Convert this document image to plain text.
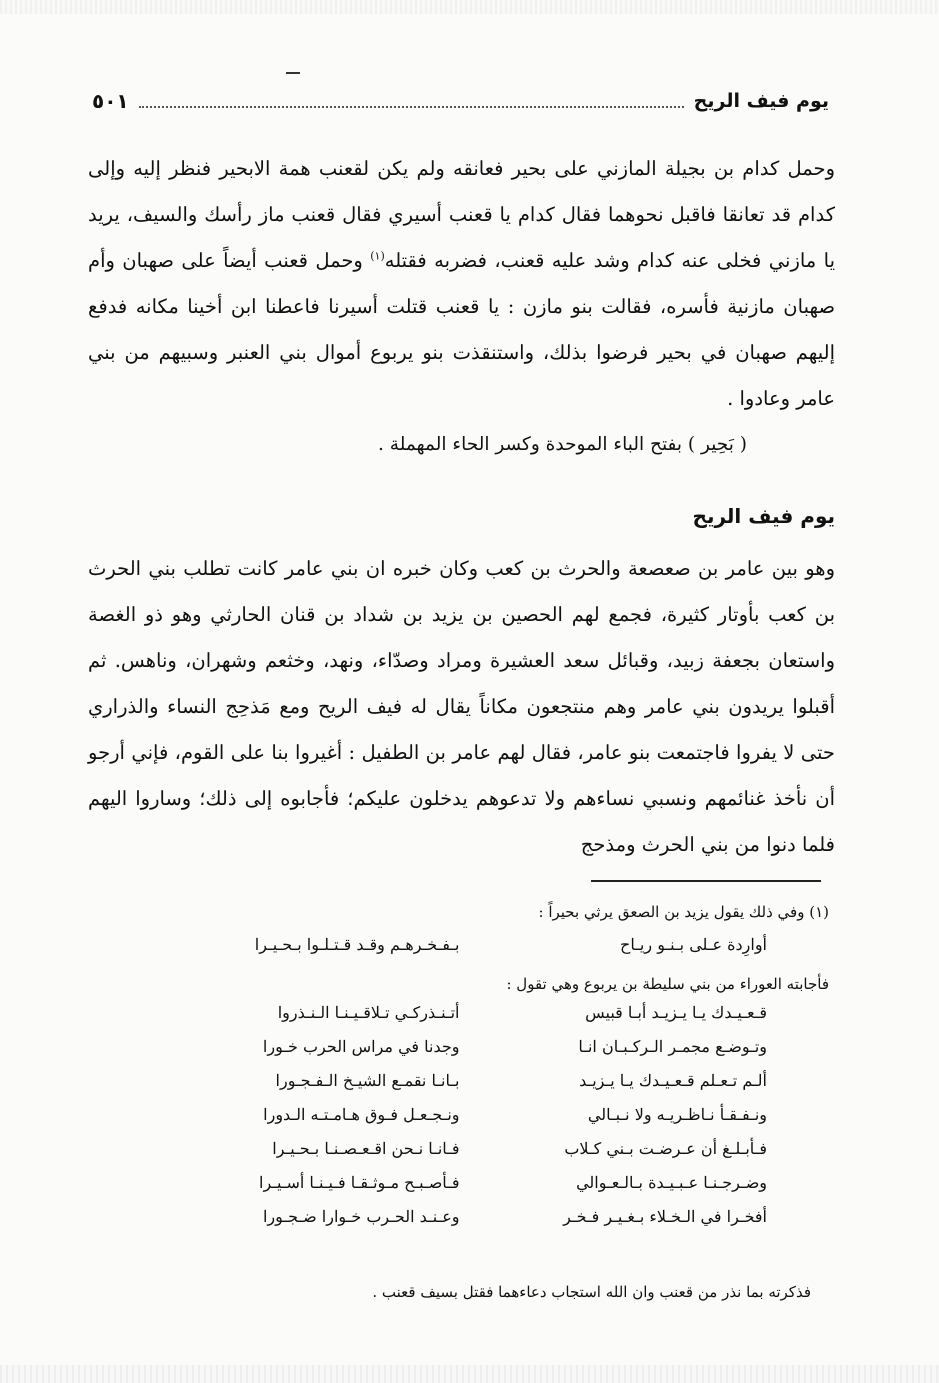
يوم فيف الريح
٥٠١

وحمل كدام بن بجيلة المازني على بحير فعانقه ولم يكن لقعنب همة الابحير فنظر إليه وإلى كدام قد تعانقا فاقبل نحوهما فقال كدام يا قعنب أسيري فقال قعنب ماز رأسك والسيف، يريد يا مازني فخلى عنه كدام وشد عليه قعنب، فضربه فقتله$^{(١)}$ وحمل قعنب أيضاً على صهبان وأم صهبان مازنية فأسره، فقالت بنو مازن : يا قعنب قتلت أسيرنا فاعطنا ابن أخينا مكانه فدفع إليهم صهبان في بحير فرضوا بذلك، واستنقذت بنو يربوع أموال بني العنبر وسبيهم من بني عامر وعادوا .

( بَحِير ) بفتح الباء الموحدة وكسر الحاء المهملة .

يوم فيف الريح

وهو بين عامر بن صعصعة والحرث بن كعب وكان خبره ان بني عامر كانت تطلب بني الحرث بن كعب بأوتار كثيرة، فجمع لهم الحصين بن يزيد بن شداد بن قنان الحارثي وهو ذو الغصة واستعان بجعفة زبيد، وقبائل سعد العشيرة ومراد وصدّاء، ونهد، وخثعم وشهران، وناهس. ثم أقبلوا يريدون بني عامر وهم منتجعون مكاناً يقال له فيف الريح ومع مَذحِج النساء والذراري حتى لا يفروا فاجتمعت بنو عامر، فقال لهم عامر بن الطفيل : أغيروا بنا على القوم، فإني أرجو أن نأخذ غنائمهم ونسبي نساءهم ولا تدعوهم يدخلون عليكم؛ فأجابوه إلى ذلك؛ وساروا اليهم فلما دنوا من بني الحرث ومذحج

(١) وفي ذلك يقول يزيد بن الصعق يرثي بحيراً :

أوارِدة عـلى بـنـو ريـاح
بـفـخـرهـم وقـد قـتـلـوا بـحـيـرا

فأجابته العوراء من بني سليطة بن يربوع وهي تقول :

قـعـيـدك يـا يـزيـد أبـا قبيس
أتـنـذركـي تـلاقـيـنـا الـنـذروا
وتـوضـع مجمـر الـركـبـان انـا
وجدنا في مراس الحرب خـورا
ألـم تـعـلم قـعـيـدك يـا يـزيـد
بـانـا نقمـع الشيـخ الـفـجـورا
ونـفـقـأ نـاظـريـه ولا نـبـالي
ونـجـعـل فـوق هـامـتـه الـدورا
فـأبـلـغ أن عـرضـت بـني كـلاب
فـانـا نـحن اقـعـصـنـا بـحـيـرا
وضـرجـنـا عـبـيـدة بـالـعـوالي
فـأصـبـح مـوثـقـا فـيـنـا أسـيـرا
أفخـرا في الـخـلاء بـغـيـر فـخـر
وعـنـد الحـرب خـوارا ضـجـورا

فذكرته بما نذر من قعنب وان الله استجاب دعاءهما فقتل بسيف قعنب .
